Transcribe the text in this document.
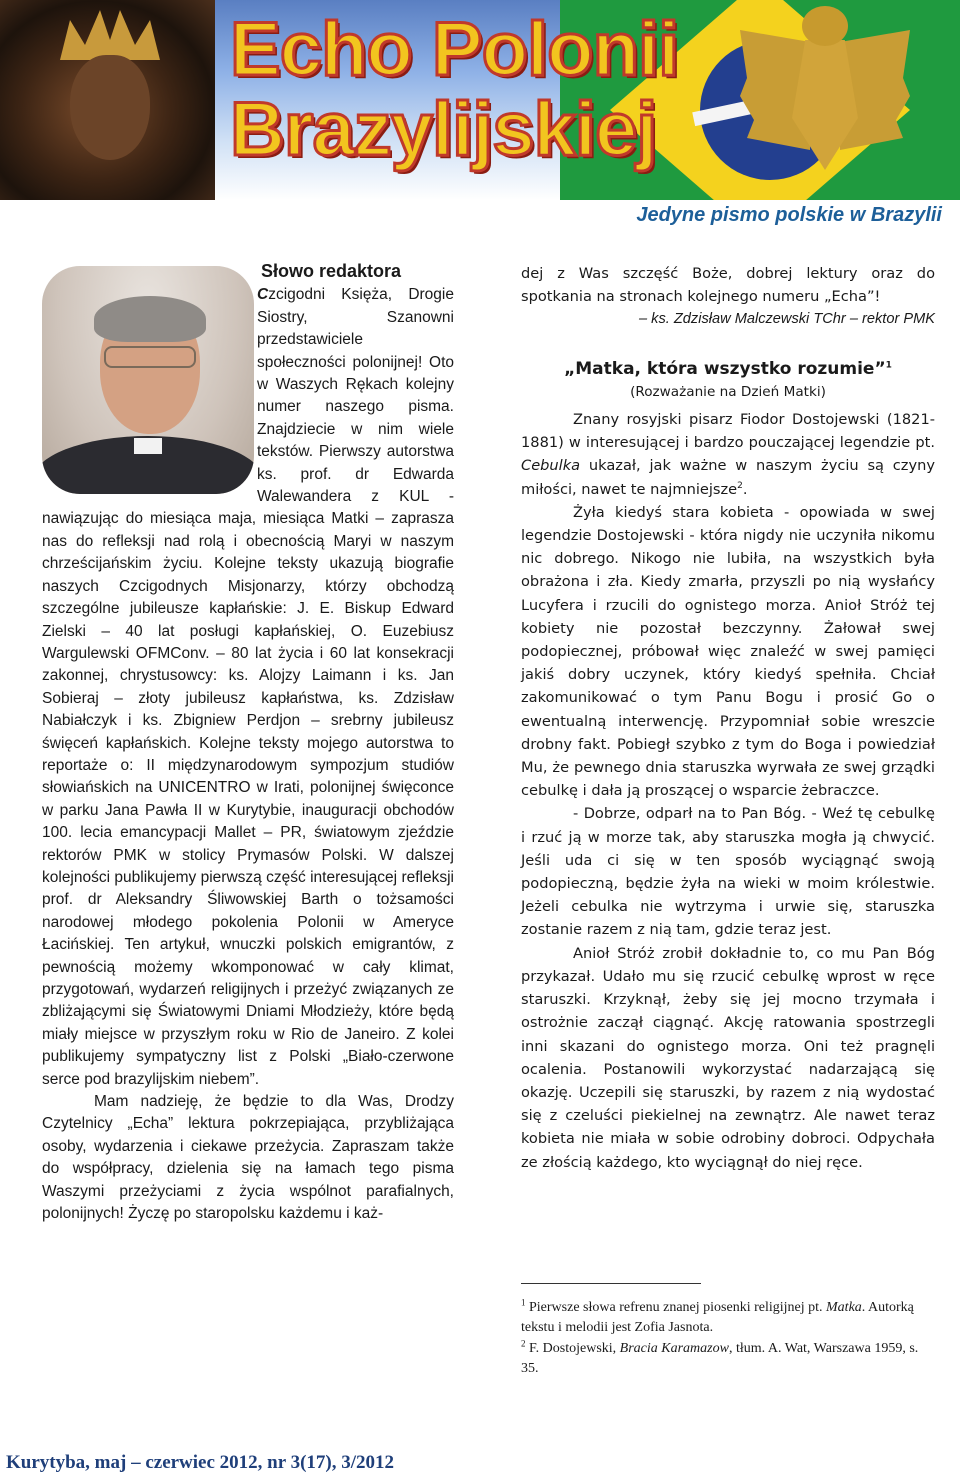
Echo Polonii
Brazylijskiej
Jedyne pismo polskie w Brazylii
Słowo redaktora
Czcigodni Księża, Drogie Siostry, Szanowni przedstawiciele społeczności polonijnej! Oto w Waszych Rękach kolejny numer naszego pisma. Znajdziecie w nim wiele tekstów. Pierwszy autorstwa ks. prof. dr Edwarda Walewandera z KUL - nawiązując do miesiąca maja, miesiąca Matki – zaprasza nas do refleksji nad rolą i obecnością Maryi w naszym chrześcijańskim życiu. Kolejne teksty ukazują biografie naszych Czcigodnych Misjonarzy, którzy obchodzą szczególne jubileusze kapłańskie: J. E. Biskup Edward Zielski – 40 lat posługi kapłańskiej, O. Euzebiusz Wargulewski OFMConv. – 80 lat życia i 60 lat konsekracji zakonnej, chrystusowcy: ks. Alojzy Laimann i ks. Jan Sobieraj – złoty jubileusz kapłaństwa, ks. Zdzisław Nabiałczyk i ks. Zbigniew Perdjon – srebrny jubileusz święceń kapłańskich. Kolejne teksty mojego autorstwa to reportaże o: II międzynarodowym sympozjum studiów słowiańskich na UNICENTRO w Irati, polonijnej święconce w parku Jana Pawła II w Kurytybie, inauguracji obchodów 100. lecia emancypacji Mallet – PR, światowym zjeździe rektorów PMK w stolicy Prymasów Polski. W dalszej kolejności publikujemy pierwszą część interesującej refleksji prof. dr Aleksandry Śliwowskiej Barth o tożsamości narodowej młodego pokolenia Polonii w Ameryce Łacińskiej. Ten artykuł, wnuczki polskich emigrantów, z pewnością możemy wkomponować w cały klimat, przygotowań, wydarzeń religijnych i przeżyć związanych ze zbliżającymi się Światowymi Dniami Młodzieży, które będą miały miejsce w przyszłym roku w Rio de Janeiro. Z kolei publikujemy sympatyczny list z Polski „Biało-czerwone serce pod brazylijskim niebem”.
Mam nadzieję, że będzie to dla Was, Drodzy Czytelnicy „Echa” lektura pokrzepiająca, przybliżająca osoby, wydarzenia i ciekawe przeżycia. Zapraszam także do współpracy, dzielenia się na łamach tego pisma Waszymi przeżyciami z życia wspólnot parafialnych, polonijnych! Życzę po staropolsku każdemu i każ-

dej z Was szczęść Boże, dobrej lektury oraz do spotkania na stronach kolejnego numeru „Echa”!

– ks. Zdzisław Malczewski TChr – rektor PMK

„Matka, która wszystko rozumie”$^1$
(Rozważanie na Dzień Matki)

Znany rosyjski pisarz Fiodor Dostojewski (1821-1881) w interesującej i bardzo pouczającej legendzie pt. Cebulka ukazał, jak ważne w naszym życiu są czyny miłości, nawet te najmniejsze$^2$.

Żyła kiedyś stara kobieta - opowiada w swej legendzie Dostojewski - która nigdy nie uczyniła nikomu nic dobrego. Nikogo nie lubiła, na wszystkich była obrażona i zła. Kiedy zmarła, przyszli po nią wysłańcy Lucyfera i rzucili do ognistego morza. Anioł Stróż tej kobiety nie pozostał bezczynny. Żałował swej podopiecznej, próbował więc znaleźć w swej pamięci jakiś dobry uczynek, który kiedyś spełniła. Chciał zakomunikować o tym Panu Bogu i prosić Go o ewentualną interwencję. Przypomniał sobie wreszcie drobny fakt. Pobiegł szybko z tym do Boga i powiedział Mu, że pewnego dnia staruszka wyrwała ze swej grządki cebulkę i dała ją proszącej o wsparcie żebraczce.

- Dobrze, odparł na to Pan Bóg. - Weź tę cebulkę i rzuć ją w morze tak, aby staruszka mogła ją chwycić. Jeśli uda ci się w ten sposób wyciągnąć swoją podopieczną, będzie żyła na wieki w moim królestwie. Jeżeli cebulka nie wytrzyma i urwie się, staruszka zostanie razem z nią tam, gdzie teraz jest.

Anioł Stróż zrobił dokładnie to, co mu Pan Bóg przykazał. Udało mu się rzucić cebulkę wprost w ręce staruszki. Krzyknął, żeby się jej mocno trzymała i ostrożnie zaczął ciągnąć. Akcję ratowania spostrzegli inni skazani do ognistego morza. Oni też pragnęli ocalenia. Postanowili wykorzystać nadarzającą się okazję. Uczepili się staruszki, by razem z nią wydostać się z czeluści piekielnej na zewnątrz. Ale nawet teraz kobieta nie miała w sobie odrobiny dobroci. Odpychała ze złością każdego, kto wyciągnął do niej ręce.

$^1$ Pierwsze słowa refrenu znanej piosenki religijnej pt. Matka. Autorką tekstu i melodii jest Zofia Jasnota.

$^2$ F. Dostojewski, Bracia Karamazow, tłum. A. Wat, Warszawa 1959, s. 35.

Kurytyba, maj – czerwiec 2012, nr 3(17), 3/2012
